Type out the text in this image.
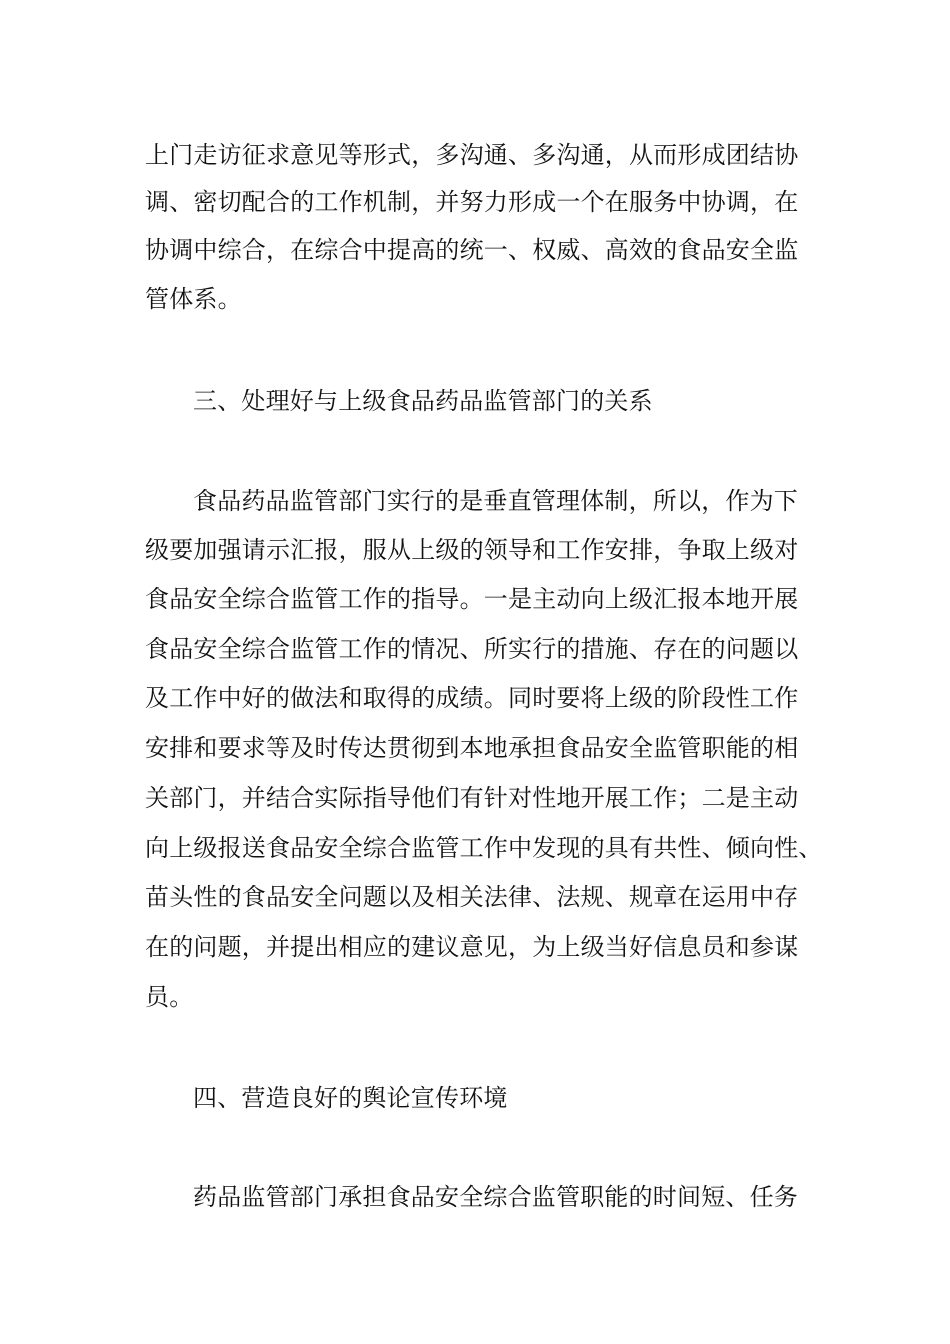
上门走访征求意见等形式，多沟通、多沟通，从而形成团结协
调、密切配合的工作机制，并努力形成一个在服务中协调，在
协调中综合，在综合中提高的统一、权威、高效的食品安全监
管体系。
三、处理好与上级食品药品监管部门的关系
食品药品监管部门实行的是垂直管理体制，所以，作为下
级要加强请示汇报，服从上级的领导和工作安排，争取上级对
食品安全综合监管工作的指导。一是主动向上级汇报本地开展
食品安全综合监管工作的情况、所实行的措施、存在的问题以
及工作中好的做法和取得的成绩。同时要将上级的阶段性工作
安排和要求等及时传达贯彻到本地承担食品安全监管职能的相
关部门，并结合实际指导他们有针对性地开展工作；二是主动
向上级报送食品安全综合监管工作中发现的具有共性、倾向性、
苗头性的食品安全问题以及相关法律、法规、规章在运用中存
在的问题，并提出相应的建议意见，为上级当好信息员和参谋
员。
四、营造良好的舆论宣传环境
药品监管部门承担食品安全综合监管职能的时间短、任务
